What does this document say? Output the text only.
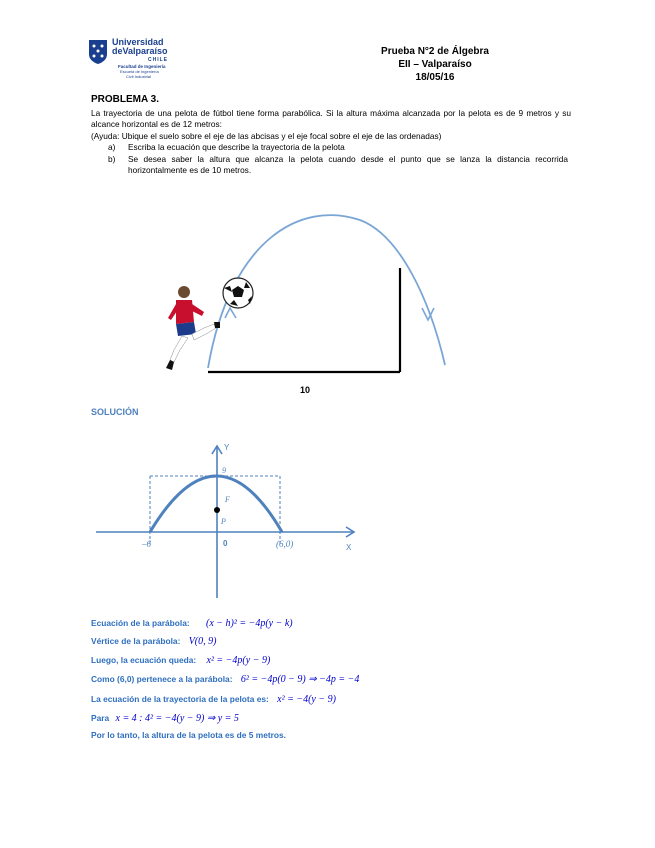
Universidad
deValparaíso
CHILE
Facultad de Ingeniería
Escuela de Ingeniería
Civil Industrial
Prueba N°2 de Álgebra
EII – Valparaíso
18/05/16
PROBLEMA 3.
La trayectoria de una pelota de fútbol tiene forma parabólica. Si la altura máxima alcanzada por la pelota es de 9 metros y su alcance horizontal es de 12 metros:
(Ayuda: Ubique el suelo sobre el eje de las abcisas y el eje focal sobre el eje de las ordenadas)
a) Escriba la ecuación que describe la trayectoria de la pelota
b) Se desea saber la altura que alcanza la pelota cuando desde el punto que se lanza la distancia recorrida horizontalmente es de 10 metros.
10
SOLUCIÓN
Y
X
9
F
P
0
–6	(6,0)
Ecuación de la parábola: (x − h)² = −4p(y − k)
Vértice de la parábola: V(0, 9)
Luego, la ecuación queda: x² = −4p(y − 9)
Como (6,0) pertenece a la parábola: 6² = −4p(0 − 9) ⇒ −4p = −4
La ecuación de la trayectoria de la pelota es: x² = −4(y − 9)
Para x = 4 : 4² = −4(y − 9) ⇒ y = 5
Por lo tanto, la altura de la pelota es de 5 metros.
